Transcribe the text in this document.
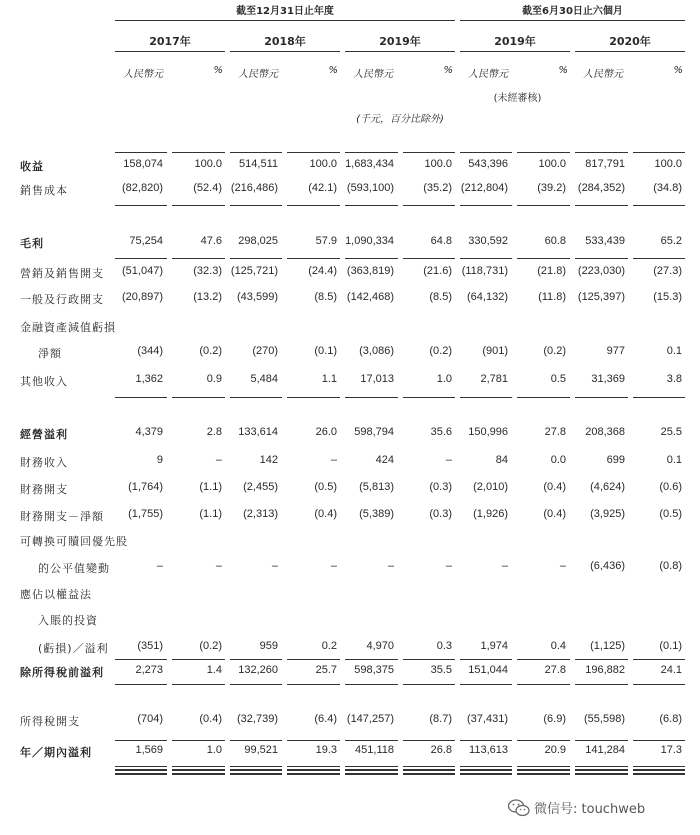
截至12月31日止年度	截至6月30日止六個月
2017年	2018年	2019年	2019年	2020年
人民幣元	% 人民幣元	% 人民幣元	% 人民幣元	% 人民幣元	%
(未經審核)
(千元，百分比除外)
收益	158,074	100.0 514,511	100.0 1,683,434	100.0 543,396	100.0 817,791	100.0
銷售成本	(82,820)	(52.4) (216,486)	(42.1) (593,100)	(35.2) (212,804)	(39.2) (284,352)	(34.8)
毛利	75,254	47.6 298,025	57.9 1,090,334	64.8 330,592	60.8 533,439	65.2
營銷及銷售開支 (51,047)	(32.3) (125,721)	(24.4) (363,819)	(21.6) (118,731)	(21.8) (223,030)	(27.3)
一般及行政開支 (20,897)	(13.2) (43,599)	(8.5) (142,468)	(8.5) (64,132)	(11.8) (125,397)	(15.3)
金融資產減值虧損
淨額	(344)	(0.2)	(270)	(0.1) (3,086)	(0.2)	(901)	(0.2)	977	0.1
其他收入	1,362	0.9	5,484	1.1 17,013	1.0	2,781	0.5 31,369	3.8
經營溢利	4,379	2.8 133,614	26.0 598,794	35.6 150,996	27.8 208,368	25.5
財務收入	9	–	142	–	424	–	84	0.0	699	0.1
財務開支	(1,764)	(1.1) (2,455)	(0.5) (5,813)	(0.3) (2,010)	(0.4) (4,624)	(0.6)
財務開支－淨額 (1,755)	(1.1) (2,313)	(0.4) (5,389)	(0.3) (1,926)	(0.4) (3,925)	(0.5)
可轉換可贖回優先股
的公平值變動	–	–	–	–	–	–	–	– (6,436)	(0.8)
應佔以權益法
入賬的投資
(虧損)／溢利	(351)	(0.2)	959	0.2	4,970	0.3	1,974	0.4 (1,125)	(0.1)
除所得稅前溢利	2,273	1.4 132,260	25.7 598,375	35.5 151,044	27.8 196,882	24.1
所得稅開支	(704)	(0.4) (32,739)	(6.4) (147,257)	(8.7) (37,431)	(6.9) (55,598)	(6.8)
年／期內溢利	1,569	1.0 99,521	19.3 451,118	26.8 113,613	20.9 141,284	17.3
微信号: touchweb
